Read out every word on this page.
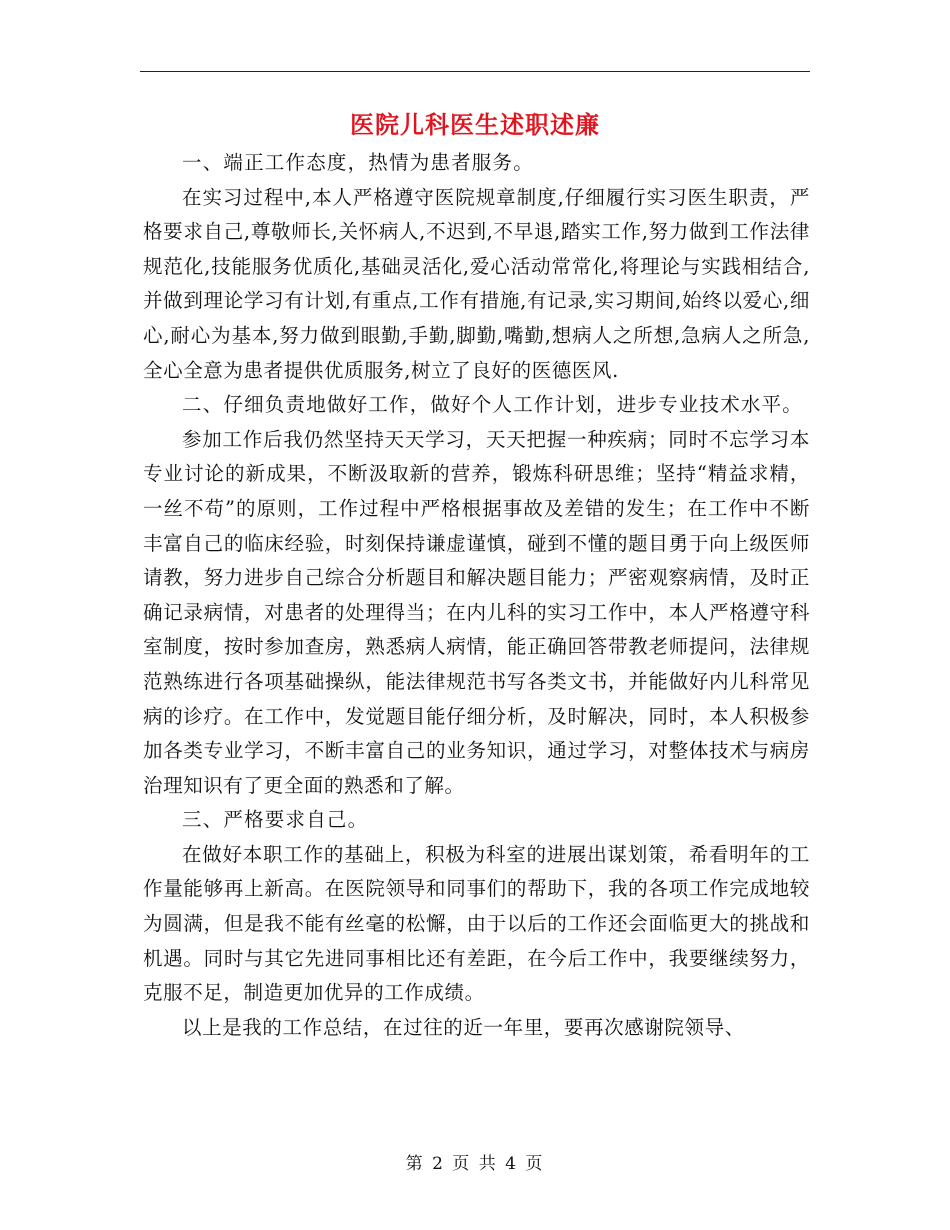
医院儿科医生述职述廉

一、端正工作态度，热情为患者服务。

在实习过程中,本人严格遵守医院规章制度,仔细履行实习医生职责，严格要求自己,尊敬师长,关怀病人,不迟到,不早退,踏实工作,努力做到工作法律规范化,技能服务优质化,基础灵活化,爱心活动常常化,将理论与实践相结合,并做到理论学习有计划,有重点,工作有措施,有记录,实习期间,始终以爱心,细心,耐心为基本,努力做到眼勤,手勤,脚勤,嘴勤,想病人之所想,急病人之所急,全心全意为患者提供优质服务,树立了良好的医德医风.

二、仔细负责地做好工作，做好个人工作计划，进步专业技术水平。

参加工作后我仍然坚持天天学习，天天把握一种疾病；同时不忘学习本专业讨论的新成果，不断汲取新的营养，锻炼科研思维；坚持“精益求精，一丝不苟”的原则，工作过程中严格根据事故及差错的发生；在工作中不断丰富自己的临床经验，时刻保持谦虚谨慎，碰到不懂的题目勇于向上级医师请教，努力进步自己综合分析题目和解决题目能力；严密观察病情，及时正确记录病情，对患者的处理得当；在内儿科的实习工作中，本人严格遵守科室制度，按时参加查房，熟悉病人病情，能正确回答带教老师提问，法律规范熟练进行各项基础操纵，能法律规范书写各类文书，并能做好内儿科常见病的诊疗。在工作中，发觉题目能仔细分析，及时解决，同时，本人积极参加各类专业学习，不断丰富自己的业务知识，通过学习，对整体技术与病房治理知识有了更全面的熟悉和了解。

三、严格要求自己。

在做好本职工作的基础上，积极为科室的进展出谋划策，希看明年的工作量能够再上新高。在医院领导和同事们的帮助下，我的各项工作完成地较为圆满，但是我不能有丝毫的松懈，由于以后的工作还会面临更大的挑战和机遇。同时与其它先进同事相比还有差距，在今后工作中，我要继续努力，克服不足，制造更加优异的工作成绩。

以上是我的工作总结，在过往的近一年里，要再次感谢院领导、

第 2 页 共 4 页
